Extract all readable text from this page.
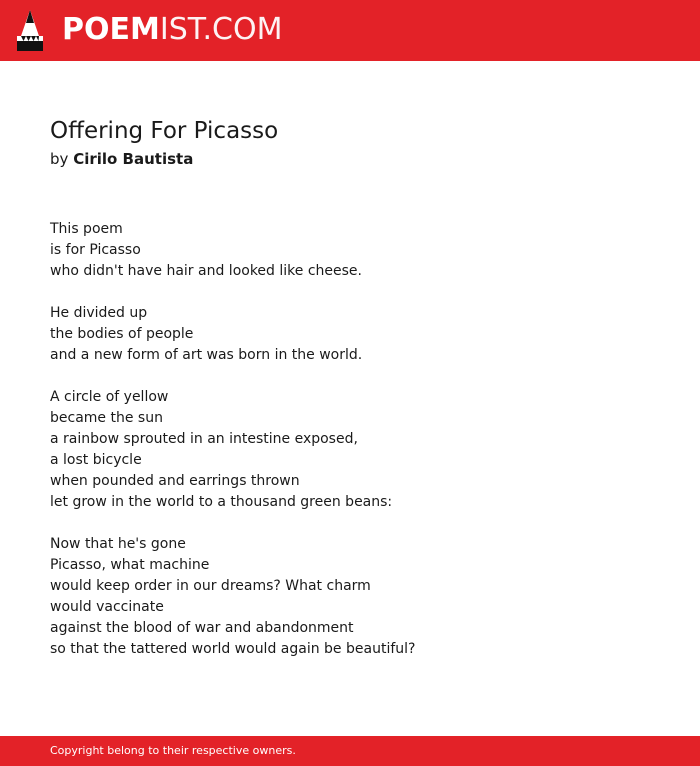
POEMIST.COM
Offering For Picasso
by Cirilo Bautista
This poem
is for Picasso
who didn't have hair and looked like cheese.
He divided up
the bodies of people
and a new form of art was born in the world.
A circle of yellow
became the sun
a rainbow sprouted in an intestine exposed,
a lost bicycle
when pounded and earrings thrown
let grow in the world to a thousand green beans:
Now that he's gone
Picasso, what machine
would keep order in our dreams? What charm
would vaccinate
against the blood of war and abandonment
so that the tattered world would again be beautiful?
Copyright belong to their respective owners.
